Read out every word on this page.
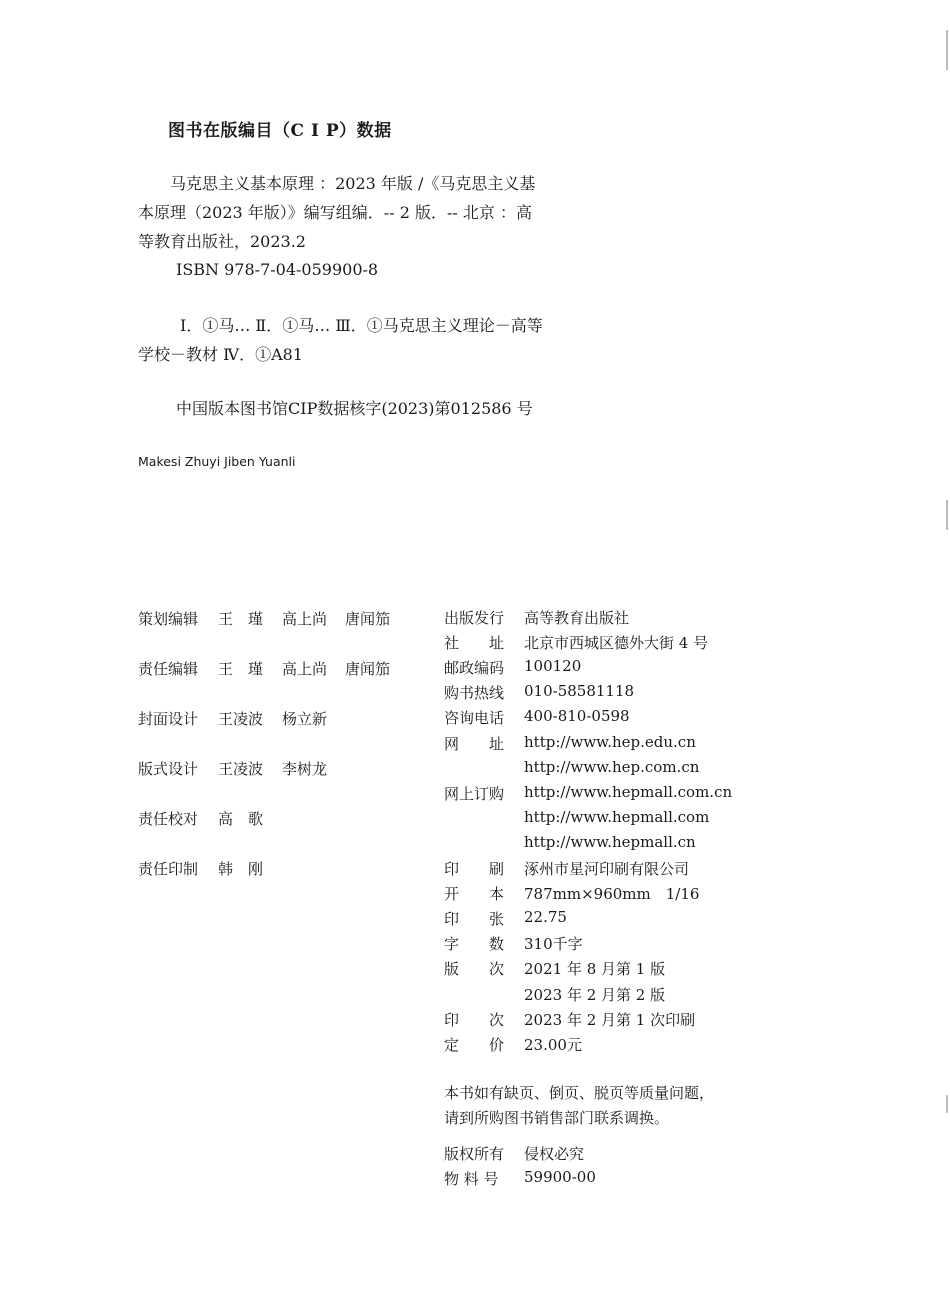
图书在版编目（C I P）数据
马克思主义基本原理 ：2023 年版 /《马克思主义基
本原理（2023 年版）》编写组编．-- 2 版．-- 北京 ：高
等教育出版社，2023.2
ISBN 978-7-04-059900-8
Ⅰ．①马… Ⅱ．①马… Ⅲ．①马克思主义理论－高等
学校－教材 Ⅳ．①A81
中国版本图书馆CIP数据核字(2023)第012586 号
Makesi Zhuyi Jiben Yuanli
策划编辑 王　瑾 高上尚 唐闻笳
责任编辑 王　瑾 高上尚 唐闻笳
封面设计 王凌波 杨立新
版式设计 王凌波 李树龙
责任校对 高　歌
责任印制 韩　刚
出版发行 高等教育出版社
社　　址 北京市西城区德外大街 4 号
邮政编码 100120
购书热线 010-58581118
咨询电话 400-810-0598
网　　址 http://www.hep.edu.cn
http://www.hep.com.cn
网上订购 http://www.hepmall.com.cn
http://www.hepmall.com
http://www.hepmall.cn
印　　刷 涿州市星河印刷有限公司
开　　本 787mm×960mm　1/16
印　　张 22.75
字　　数 310千字
版　　次 2021 年 8 月第 1 版
2023 年 2 月第 2 版
印　　次 2023 年 2 月第 1 次印刷
定　　价 23.00元
本书如有缺页、倒页、脱页等质量问题，
请到所购图书销售部门联系调换。
版权所有 侵权必究
物 料 号 59900-00
